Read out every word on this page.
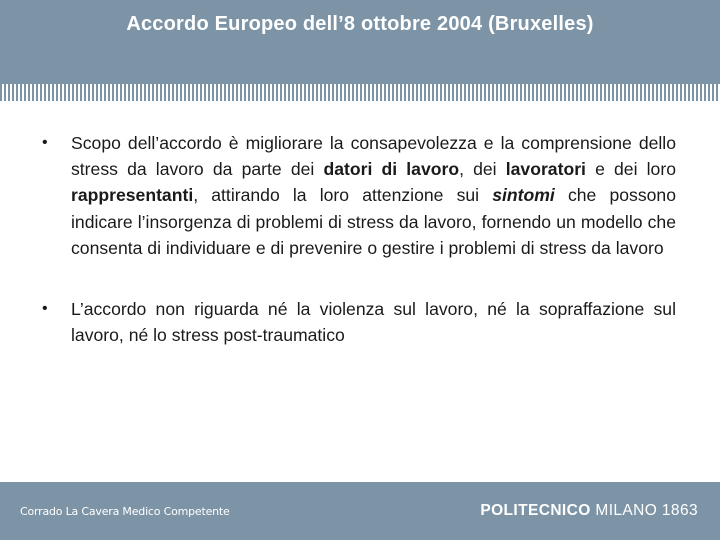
Accordo Europeo dell’8 ottobre 2004 (Bruxelles)
•	Scopo dell’accordo è migliorare la consapevolezza e la comprensione dello stress da lavoro da parte dei datori di lavoro, dei lavoratori e dei loro rappresentanti, attirando la loro attenzione sui sintomi che possono indicare l’insorgenza di problemi di stress da lavoro, fornendo un modello che consenta di individuare e di prevenire o gestire i problemi di stress da lavoro
•	L’accordo non riguarda né la violenza sul lavoro, né la sopraffazione sul lavoro, né lo stress post-traumatico
Corrado La Cavera Medico Competente	POLITECNICO MILANO 1863
